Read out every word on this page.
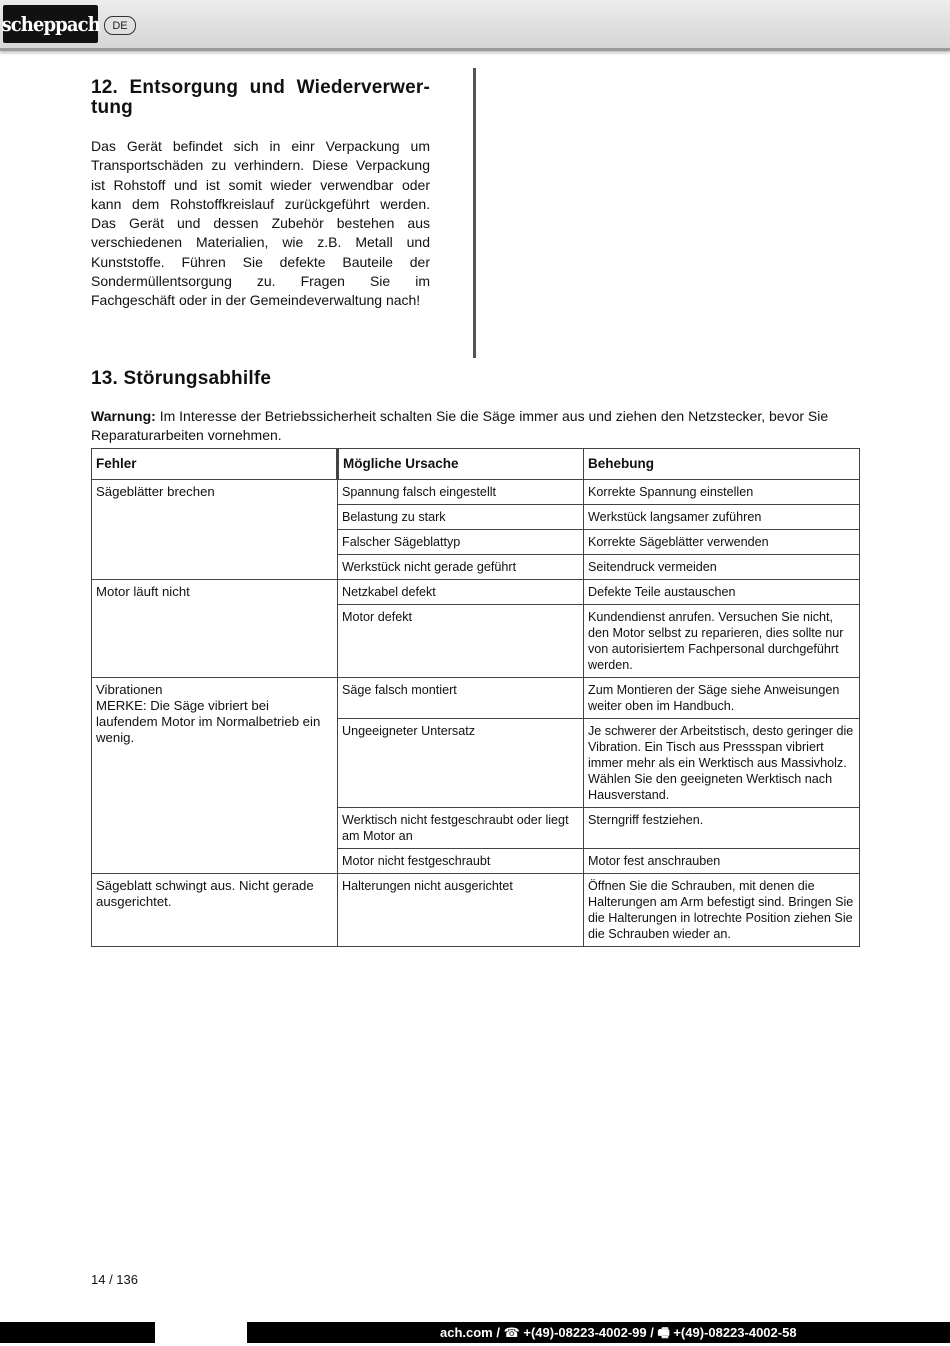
scheppach	DE
12. Entsorgung und Wiederverwer-tung
Das Gerät befindet sich in einr Verpackung um Transportschäden zu verhindern. Diese Verpackung ist Rohstoff und ist somit wieder verwendbar oder kann dem Rohstoffkreislauf zurückgeführt werden. Das Gerät und dessen Zubehör bestehen aus verschiedenen Materialien, wie z.B. Metall und Kunststoffe. Führen Sie defekte Bauteile der Sondermüllentsorgung zu. Fragen Sie im Fachgeschäft oder in der Gemeindeverwaltung nach!
13. Störungsabhilfe
Warnung: Im Interesse der Betriebssicherheit schalten Sie die Säge immer aus und ziehen den Netzstecker, bevor Sie Reparaturarbeiten vornehmen.
Fehler	Mögliche Ursache	Behebung
Sägeblätter brechen	Spannung falsch eingestellt	Korrekte Spannung einstellen
	Belastung zu stark	Werkstück langsamer zuführen
	Falscher Sägeblattyp	Korrekte Sägeblätter verwenden
	Werkstück nicht gerade geführt	Seitendruck vermeiden
Motor läuft nicht	Netzkabel defekt	Defekte Teile austauschen
	Motor defekt	Kundendienst anrufen. Versuchen Sie nicht, den Motor selbst zu reparieren, dies sollte nur von autorisiertem Fachpersonal durchgeführt werden.
Vibrationen
MERKE: Die Säge vibriert bei laufendem Motor im Normalbetrieb ein wenig.	Säge falsch montiert	Zum Montieren der Säge siehe Anweisungen weiter oben im Handbuch.
	Ungeeigneter Untersatz	Je schwerer der Arbeitstisch, desto geringer die Vibration. Ein Tisch aus Pressspan vibriert immer mehr als ein Werktisch aus Massivholz. Wählen Sie den geeigneten Werktisch nach Hausverstand.
	Werktisch nicht festgeschraubt oder liegt am Motor an	Sterngriff festziehen.
	Motor nicht festgeschraubt	Motor fest anschrauben
Sägeblatt schwingt aus. Nicht gerade ausgerichtet.	Halterungen nicht ausgerichtet	Öffnen Sie die Schrauben, mit denen die Halterungen am Arm befestigt sind. Bringen Sie die Halterungen in lotrechte Position ziehen Sie die Schrauben wieder an.
14 / 136
ach.com / ☎ +(49)-08223-4002-99 / 🖷 +(49)-08223-4002-58
